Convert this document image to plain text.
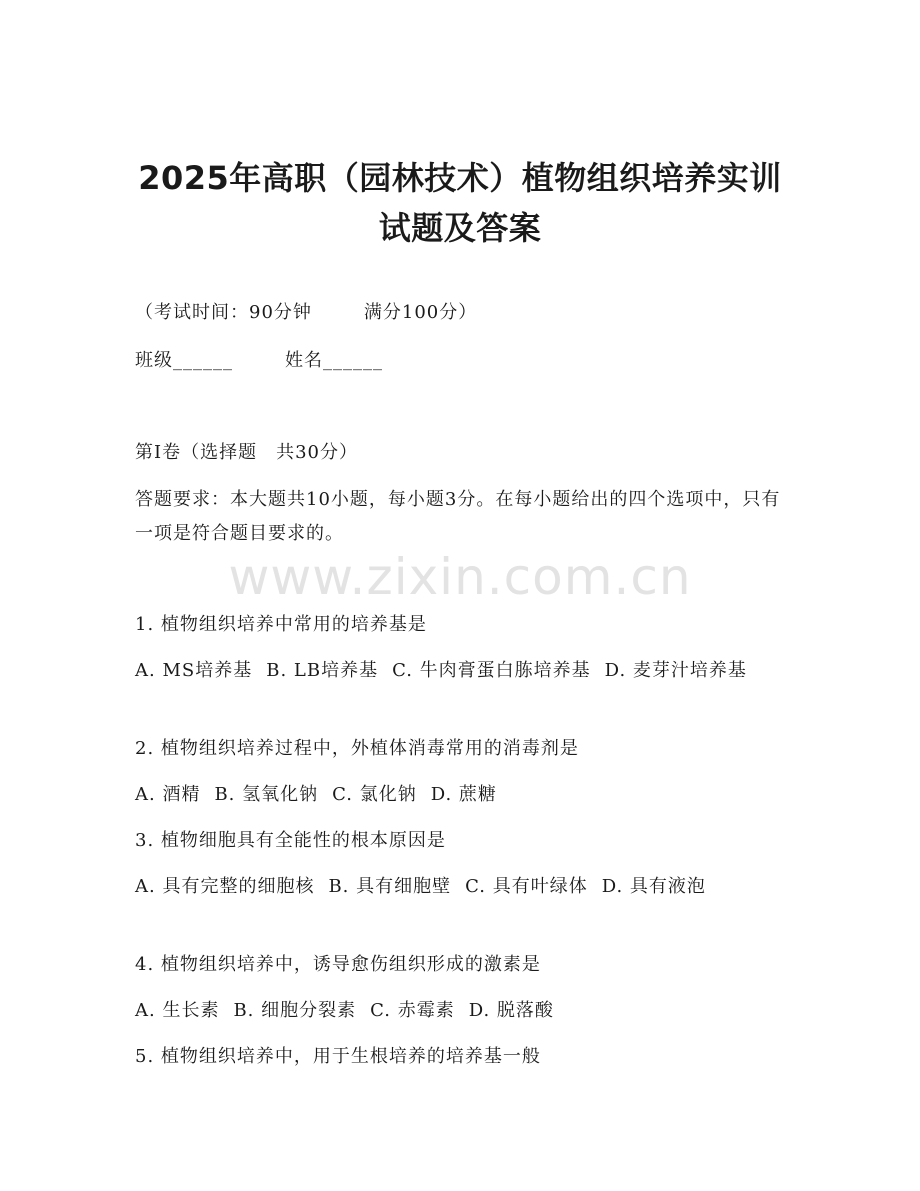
www.zixin.com.cn
2025年高职（园林技术）植物组织培养实训
试题及答案

（考试时间：90分钟	满分100分）

班级______	姓名______

第I卷（选择题　共30分）

答题要求：本大题共10小题，每小题3分。在每小题给出的四个选项中，只有一项是符合题目要求的。

1. 植物组织培养中常用的培养基是

A. MS培养基 B. LB培养基 C. 牛肉膏蛋白胨培养基 D. 麦芽汁培养基

2. 植物组织培养过程中，外植体消毒常用的消毒剂是

A. 酒精 B. 氢氧化钠 C. 氯化钠 D. 蔗糖

3. 植物细胞具有全能性的根本原因是

A. 具有完整的细胞核 B. 具有细胞壁 C. 具有叶绿体 D. 具有液泡

4. 植物组织培养中，诱导愈伤组织形成的激素是

A. 生长素 B. 细胞分裂素 C. 赤霉素 D. 脱落酸

5. 植物组织培养中，用于生根培养的培养基一般
